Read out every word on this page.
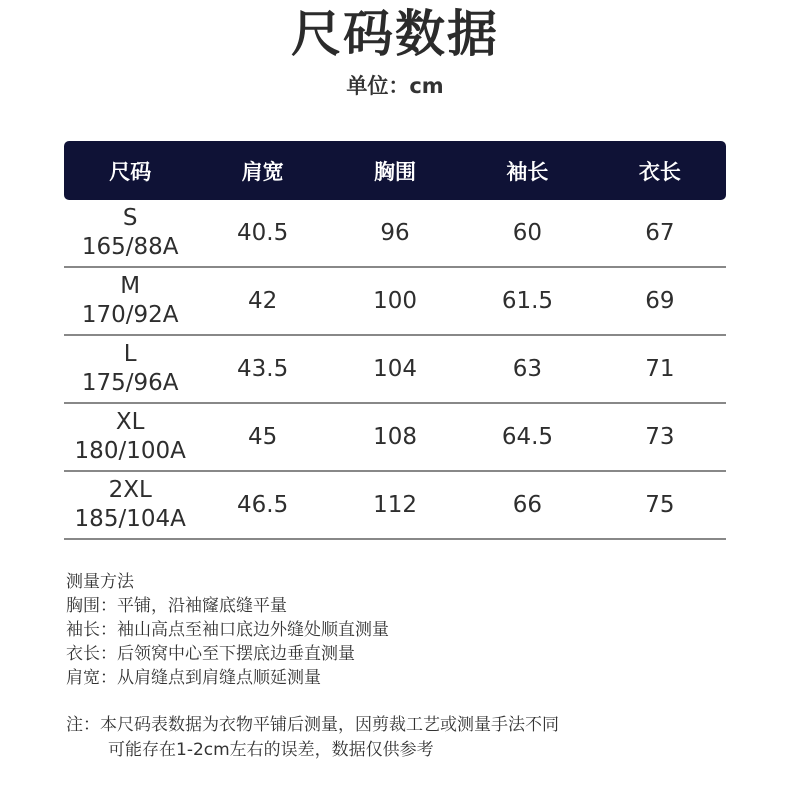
尺码数据
单位：cm
尺码	肩宽	胸围	袖长	衣长
S
165/88A
40.5	96	60	67
M
170/92A
42	100	61.5	69
L
175/96A
43.5	104	63	71
XL
180/100A
45	108	64.5	73
2XL
185/104A
46.5	112	66	75
测量方法
胸围：平铺，沿袖窿底缝平量
袖长：袖山高点至袖口底边外缝处顺直测量
衣长：后领窝中心至下摆底边垂直测量
肩宽：从肩缝点到肩缝点顺延测量
注：本尺码表数据为衣物平铺后测量，因剪裁工艺或测量手法不同
可能存在1-2cm左右的误差，数据仅供参考
